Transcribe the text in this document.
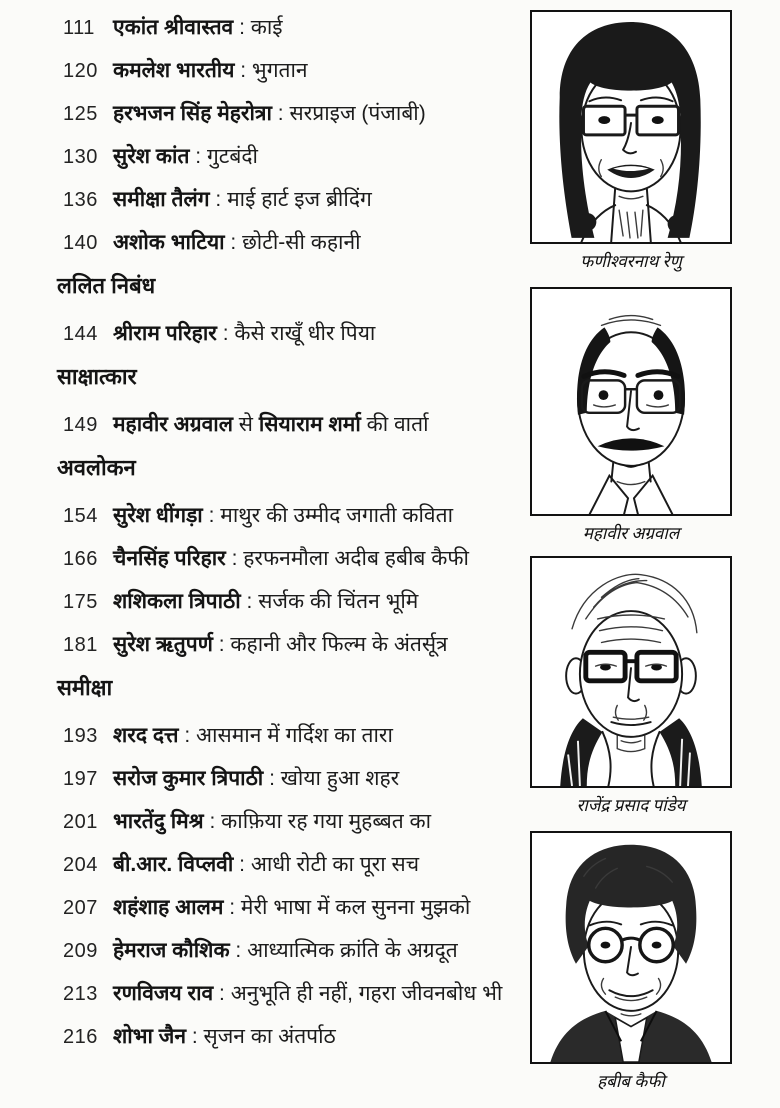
111 एकांत श्रीवास्तव : काई
120 कमलेश भारतीय : भुगतान
125 हरभजन सिंह मेहरोत्रा : सरप्राइज (पंजाबी)
130 सुरेश कांत : गुटबंदी
136 समीक्षा तैलंग : माई हार्ट इज ब्रीदिंग
140 अशोक भाटिया : छोटी-सी कहानी
ललित निबंध
144 श्रीराम परिहार : कैसे राखूँ धीर पिया
साक्षात्कार
149 महावीर अग्रवाल से सियाराम शर्मा की वार्ता
अवलोकन
154 सुरेश धींगड़ा : माथुर की उम्मीद जगाती कविता
166 चैनसिंह परिहार : हरफनमौला अदीब हबीब कैफी
175 शशिकला त्रिपाठी : सर्जक की चिंतन भूमि
181 सुरेश ऋतुपर्ण : कहानी और फिल्म के अंतर्सूत्र
समीक्षा
193 शरद दत्त : आसमान में गर्दिश का तारा
197 सरोज कुमार त्रिपाठी : खोया हुआ शहर
201 भारतेंदु मिश्र : काफ़िया रह गया मुहब्बत का
204 बी.आर. विप्लवी : आधी रोटी का पूरा सच
207 शहंशाह आलम : मेरी भाषा में कल सुनना मुझको
209 हेमराज कौशिक : आध्यात्मिक क्रांति के अग्रदूत
213 रणविजय राव : अनुभूति ही नहीं, गहरा जीवनबोध भी
216 शोभा जैन : सृजन का अंतर्पाठ
फणीश्वरनाथ रेणु
महावीर अग्रवाल
राजेंद्र प्रसाद पांडेय
हबीब कैफी
